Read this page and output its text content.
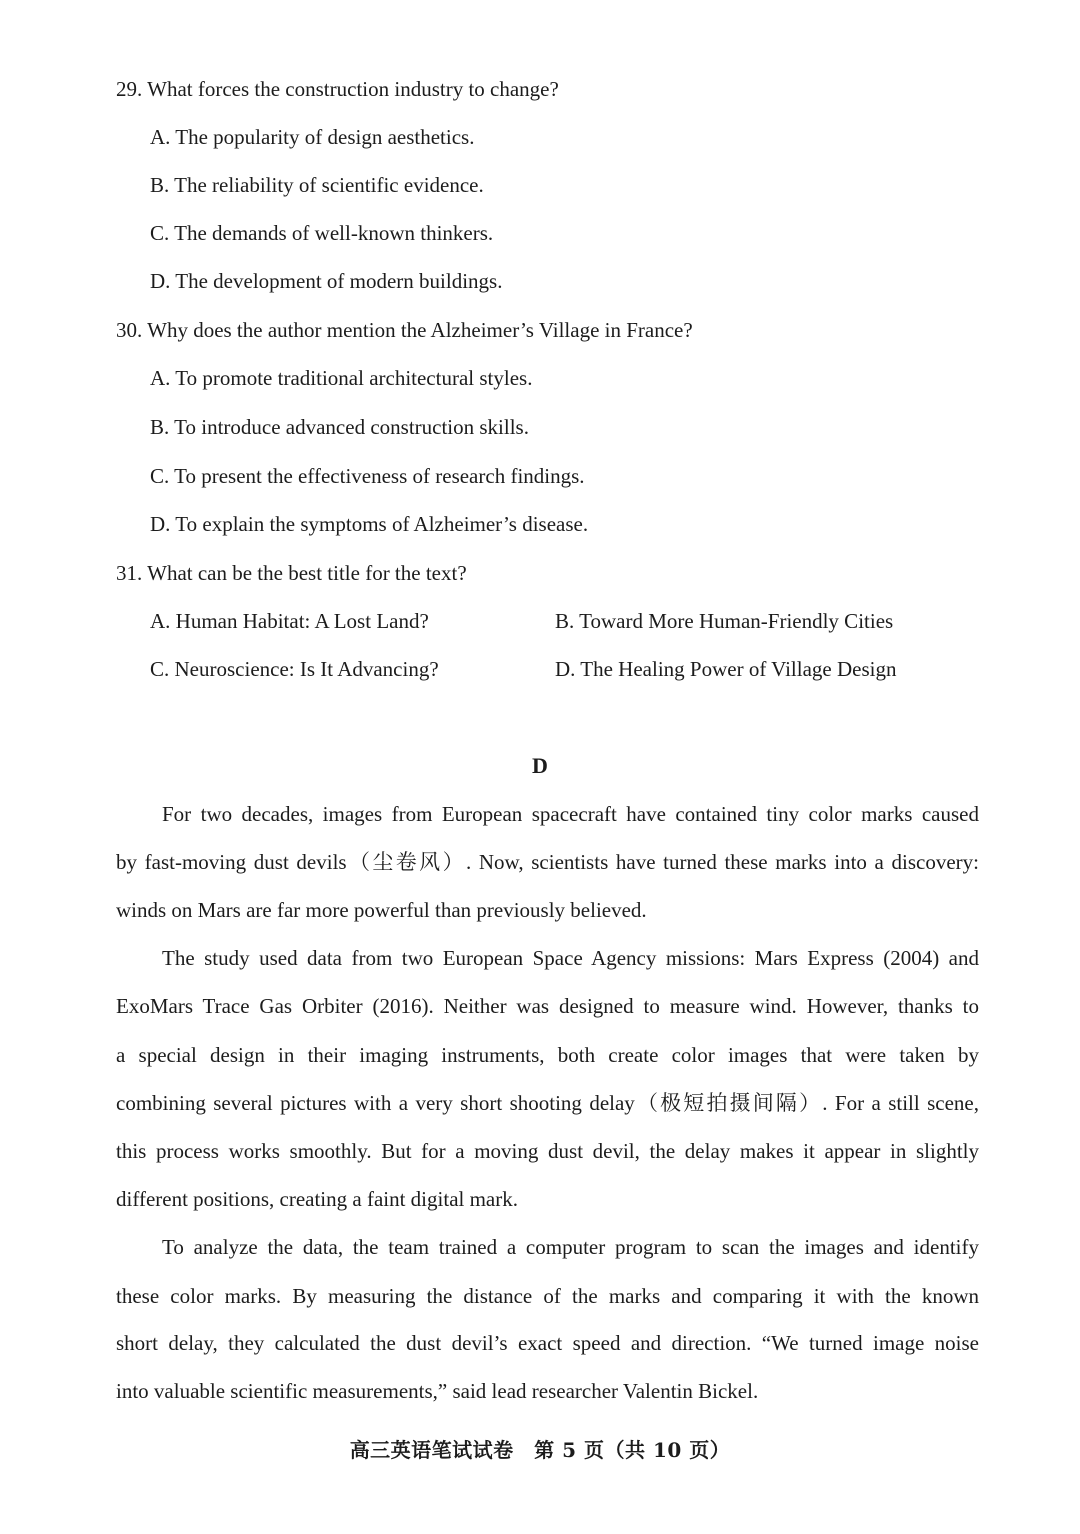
29. What forces the construction industry to change?
A. The popularity of design aesthetics.
B. The reliability of scientific evidence.
C. The demands of well-known thinkers.
D. The development of modern buildings.
30. Why does the author mention the Alzheimer’s Village in France?
A. To promote traditional architectural styles.
B. To introduce advanced construction skills.
C. To present the effectiveness of research findings.
D. To explain the symptoms of Alzheimer’s disease.
31. What can be the best title for the text?
A. Human Habitat: A Lost Land?	B. Toward More Human-Friendly Cities
C. Neuroscience: Is It Advancing?	D. The Healing Power of Village Design
D
For two decades, images from European spacecraft have contained tiny color marks caused
by fast-moving dust devils（尘卷风）. Now, scientists have turned these marks into a discovery:
winds on Mars are far more powerful than previously believed.
The study used data from two European Space Agency missions: Mars Express (2004) and
ExoMars Trace Gas Orbiter (2016). Neither was designed to measure wind. However, thanks to
a special design in their imaging instruments, both create color images that were taken by
combining several pictures with a very short shooting delay（极短拍摄间隔）. For a still scene,
this process works smoothly. But for a moving dust devil, the delay makes it appear in slightly
different positions, creating a faint digital mark.
To analyze the data, the team trained a computer program to scan the images and identify
these color marks. By measuring the distance of the marks and comparing it with the known
short delay, they calculated the dust devil’s exact speed and direction. “We turned image noise
into valuable scientific measurements,” said lead researcher Valentin Bickel.
高三英语笔试试卷　第 5 页（共 10 页）
